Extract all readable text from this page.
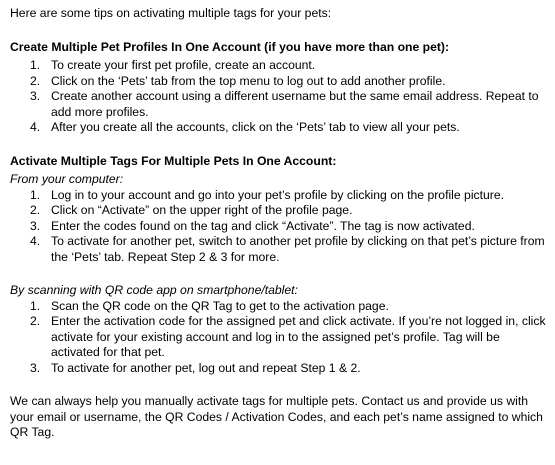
Here are some tips on activating multiple tags for your pets:

Create Multiple Pet Profiles In One Account (if you have more than one pet):

1. To create your first pet profile, create an account.
2. Click on the ‘Pets’ tab from the top menu to log out to add another profile.
3. Create another account using a different username but the same email address. Repeat to add more profiles.
4. After you create all the accounts, click on the ‘Pets’ tab to view all your pets.

Activate Multiple Tags For Multiple Pets In One Account:

From your computer:

1. Log in to your account and go into your pet’s profile by clicking on the profile picture.
2. Click on “Activate” on the upper right of the profile page.
3. Enter the codes found on the tag and click “Activate”. The tag is now activated.
4. To activate for another pet, switch to another pet profile by clicking on that pet’s picture from the ‘Pets’ tab. Repeat Step 2 & 3 for more.

By scanning with QR code app on smartphone/tablet:

1. Scan the QR code on the QR Tag to get to the activation page.
2. Enter the activation code for the assigned pet and click activate. If you’re not logged in, click activate for your existing account and log in to the assigned pet’s profile. Tag will be activated for that pet.
3. To activate for another pet, log out and repeat Step 1 & 2.

We can always help you manually activate tags for multiple pets. Contact us and provide us with your email or username, the QR Codes / Activation Codes, and each pet’s name assigned to which QR Tag.
